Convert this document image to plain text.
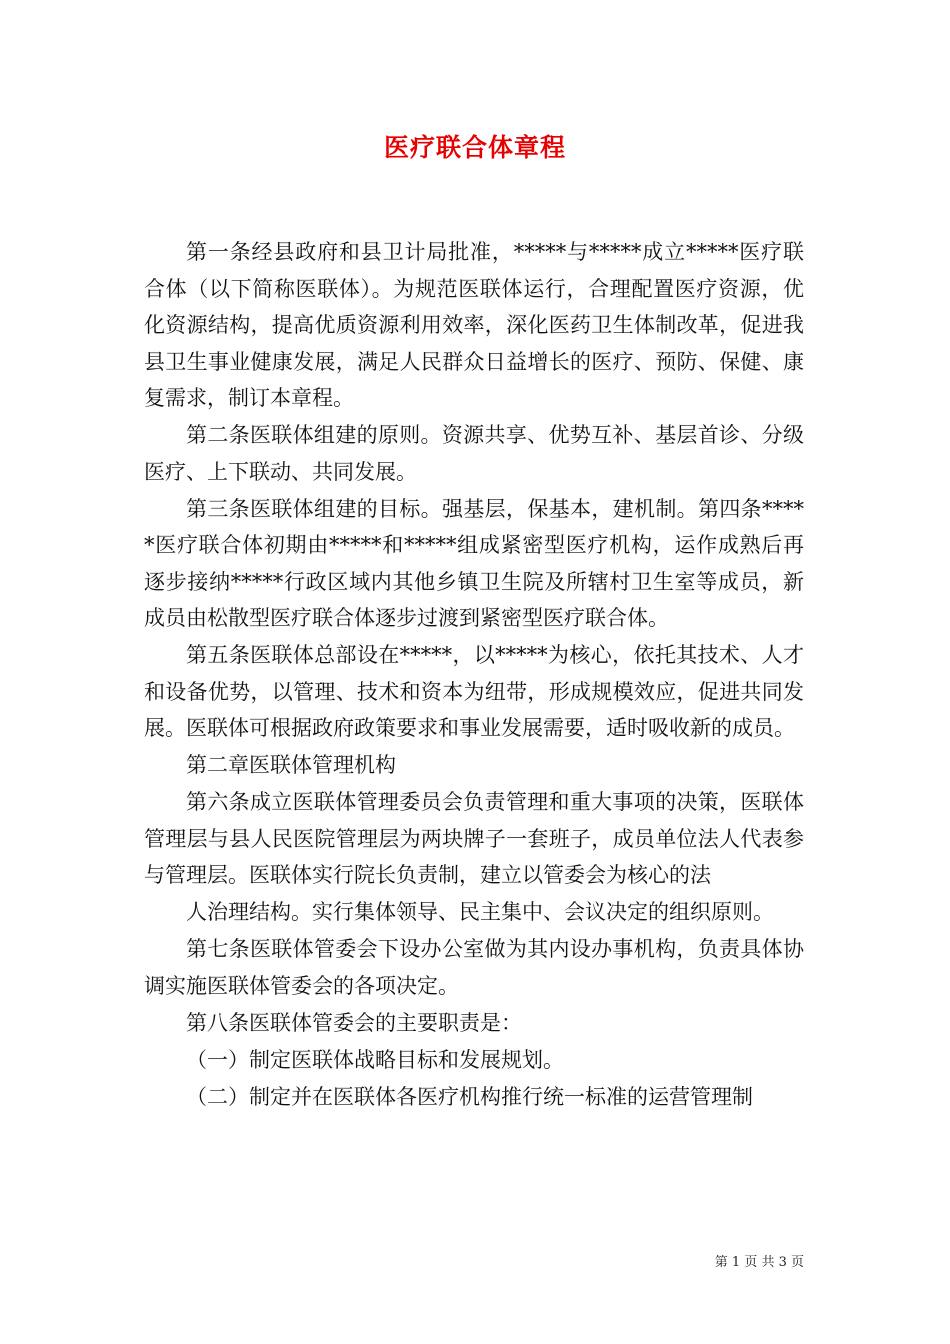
医疗联合体章程

第一条经县政府和县卫计局批准，*****与*****成立*****医疗联合体（以下简称医联体）。为规范医联体运行，合理配置医疗资源，优化资源结构，提高优质资源利用效率，深化医药卫生体制改革，促进我县卫生事业健康发展，满足人民群众日益增长的医疗、预防、保健、康复需求，制订本章程。

第二条医联体组建的原则。资源共享、优势互补、基层首诊、分级医疗、上下联动、共同发展。

第三条医联体组建的目标。强基层，保基本，建机制。第四条*****医疗联合体初期由*****和*****组成紧密型医疗机构，运作成熟后再逐步接纳*****行政区域内其他乡镇卫生院及所辖村卫生室等成员，新成员由松散型医疗联合体逐步过渡到紧密型医疗联合体。

第五条医联体总部设在*****，以*****为核心，依托其技术、人才和设备优势，以管理、技术和资本为纽带，形成规模效应，促进共同发展。医联体可根据政府政策要求和事业发展需要，适时吸收新的成员。

第二章医联体管理机构

第六条成立医联体管理委员会负责管理和重大事项的决策，医联体管理层与县人民医院管理层为两块牌子一套班子，成员单位法人代表参与管理层。医联体实行院长负责制，建立以管委会为核心的法

人治理结构。实行集体领导、民主集中、会议决定的组织原则。

第七条医联体管委会下设办公室做为其内设办事机构，负责具体协调实施医联体管委会的各项决定。

第八条医联体管委会的主要职责是：

（一）制定医联体战略目标和发展规划。

（二）制定并在医联体各医疗机构推行统一标准的运营管理制

第 1 页 共 3 页
